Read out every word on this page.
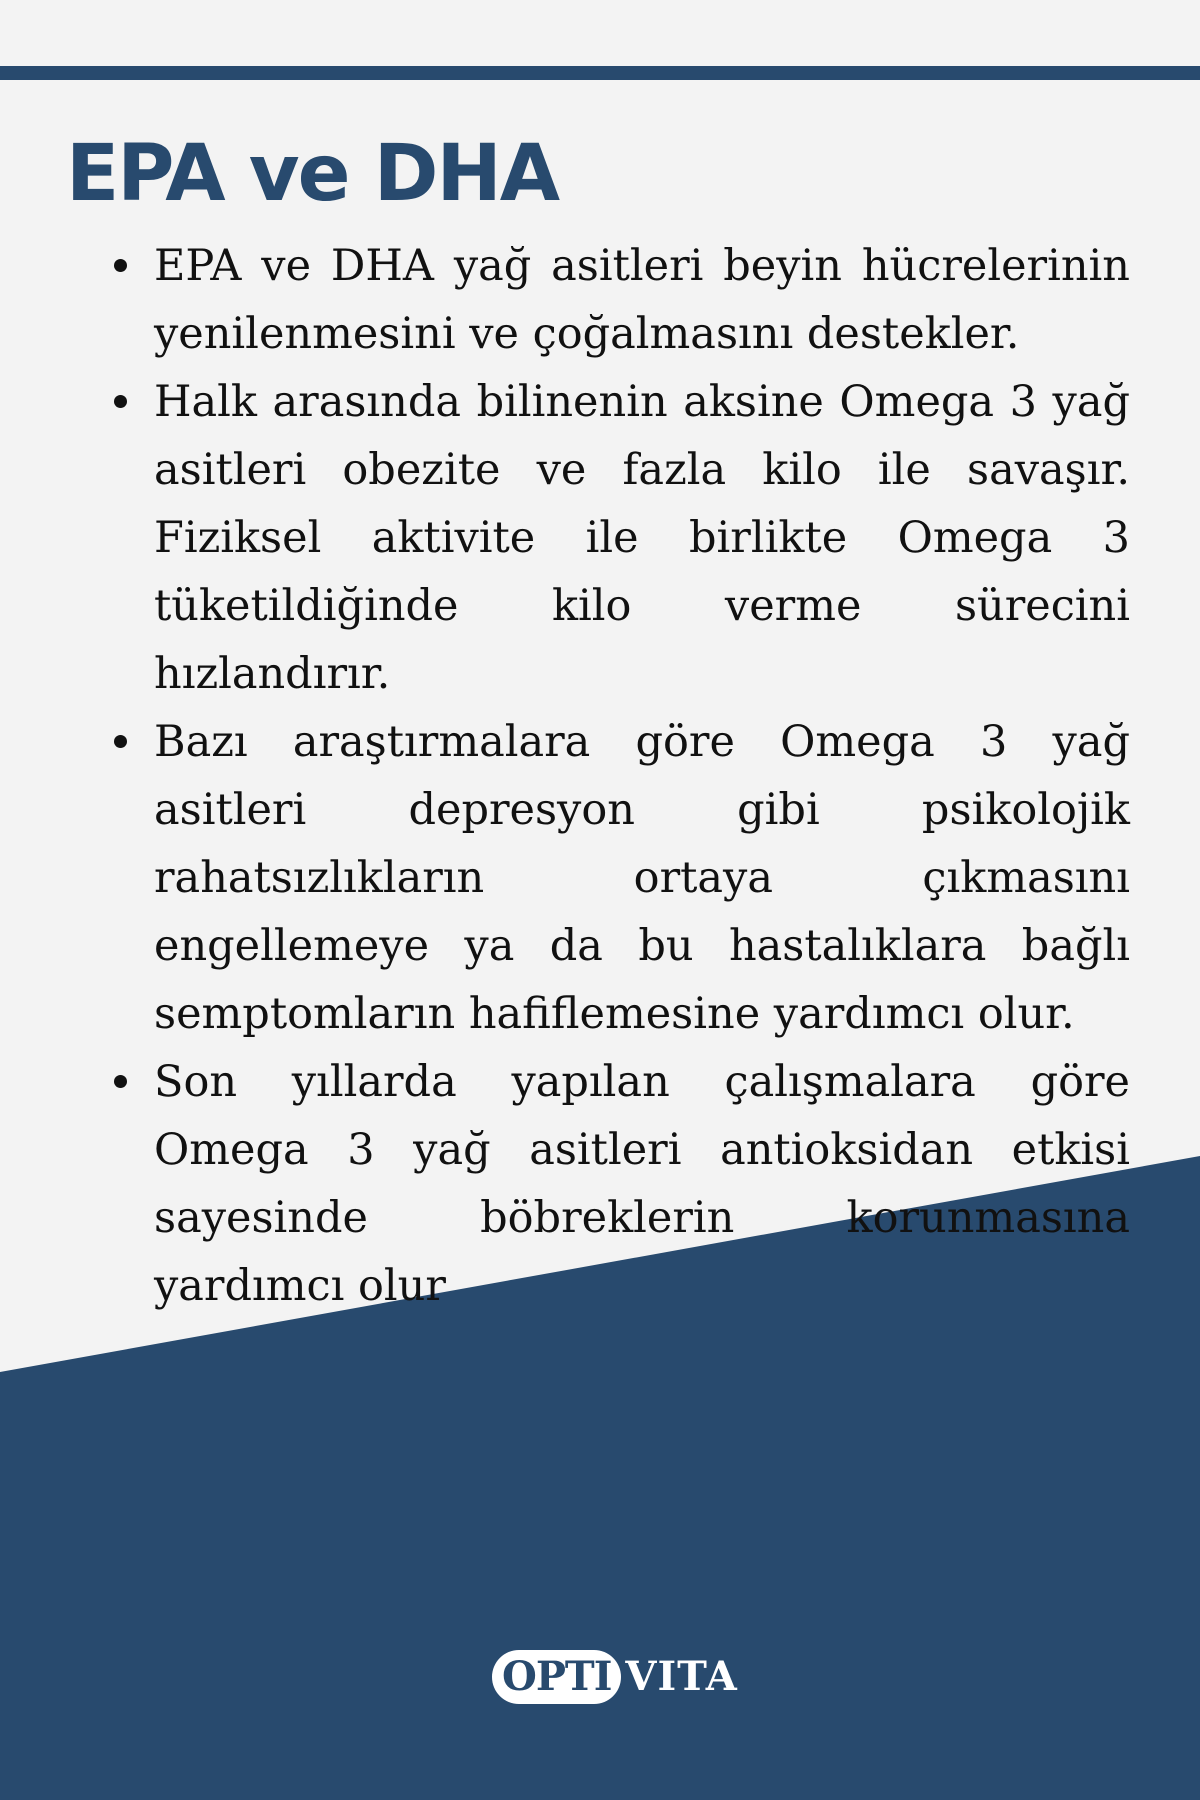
EPA ve DHA
EPA ve DHA yağ asitleri beyin hücrelerinin yenilenmesini ve çoğalmasını destekler.
Halk arasında bilinenin aksine Omega 3 yağ asitleri obezite ve fazla kilo ile savaşır. Fiziksel aktivite ile birlikte Omega 3 tüketildiğinde kilo verme sürecini hızlandırır.
Bazı araştırmalara göre Omega 3 yağ asitleri depresyon gibi psikolojik rahatsızlıkların ortaya çıkmasını engellemeye ya da bu hastalıklara bağlı semptomların hafiflemesine yardımcı olur.
Son yıllarda yapılan çalışmalara göre Omega 3 yağ asitleri antioksidan etkisi sayesinde böbreklerin korunmasına yardımcı olur
OPTI VITA
